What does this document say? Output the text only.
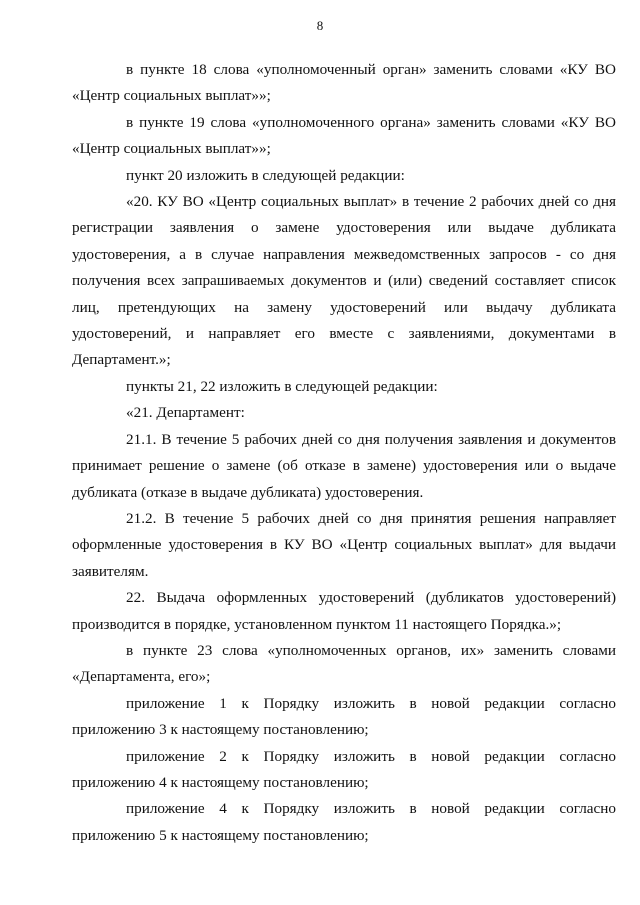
8

в пункте 18 слова «уполномоченный орган» заменить словами «КУ ВО «Центр социальных выплат»»;

в пункте 19 слова «уполномоченного органа» заменить словами «КУ ВО «Центр социальных выплат»»;

пункт 20 изложить в следующей редакции:

«20. КУ ВО «Центр социальных выплат» в течение 2 рабочих дней со дня регистрации заявления о замене удостоверения или выдаче дубликата удостоверения, а в случае направления межведомственных запросов - со дня получения всех запрашиваемых документов и (или) сведений составляет список лиц, претендующих на замену удостоверений или выдачу дубликата удостоверений, и направляет его вместе с заявлениями, документами в Департамент.»;

пункты 21, 22 изложить в следующей редакции:

«21. Департамент:

21.1. В течение 5 рабочих дней со дня получения заявления и документов принимает решение о замене (об отказе в замене) удостоверения или о выдаче дубликата (отказе в выдаче дубликата) удостоверения.

21.2. В течение 5 рабочих дней со дня принятия решения направляет оформленные удостоверения в КУ ВО «Центр социальных выплат» для выдачи заявителям.

22. Выдача оформленных удостоверений (дубликатов удостоверений) производится в порядке, установленном пунктом 11 настоящего Порядка.»;

в пункте 23 слова «уполномоченных органов, их» заменить словами «Департамента, его»;

приложение 1 к Порядку изложить в новой редакции согласно приложению 3 к настоящему постановлению;

приложение 2 к Порядку изложить в новой редакции согласно приложению 4 к настоящему постановлению;

приложение 4 к Порядку изложить в новой редакции согласно приложению 5 к настоящему постановлению;
